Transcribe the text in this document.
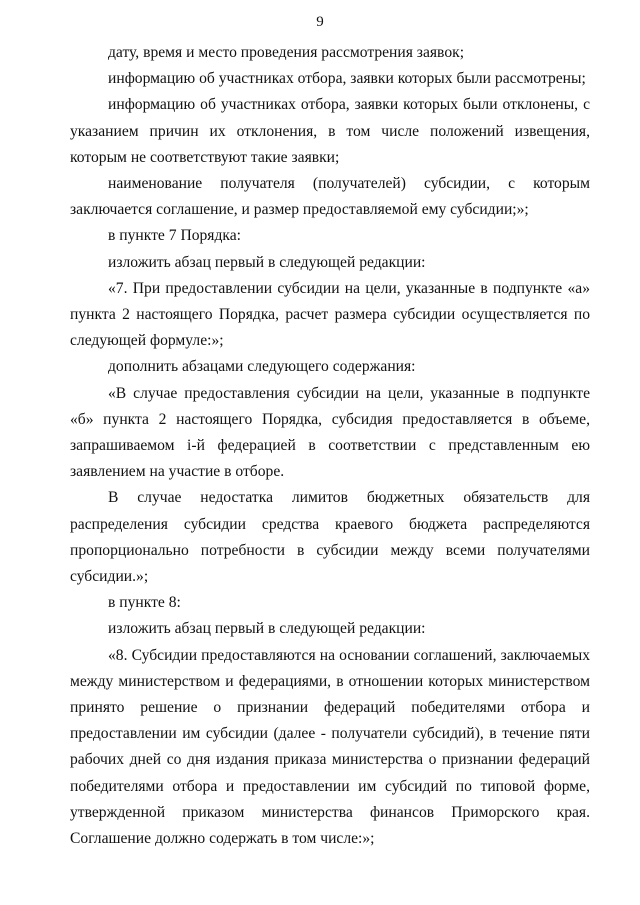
9

дату, время и место проведения рассмотрения заявок;

информацию об участниках отбора, заявки которых были рассмотрены;

информацию об участниках отбора, заявки которых были отклонены, с указанием причин их отклонения, в том числе положений извещения, которым не соответствуют такие заявки;

наименование получателя (получателей) субсидии, с которым заключается соглашение, и размер предоставляемой ему субсидии;»;

в пункте 7 Порядка:

изложить абзац первый в следующей редакции:

«7. При предоставлении субсидии на цели, указанные в подпункте «а» пункта 2 настоящего Порядка, расчет размера субсидии осуществляется по следующей формуле:»;

дополнить абзацами следующего содержания:

«В случае предоставления субсидии на цели, указанные в подпункте «б» пункта 2 настоящего Порядка, субсидия предоставляется в объеме, запрашиваемом i-й федерацией в соответствии с представленным ею заявлением на участие в отборе.

В случае недостатка лимитов бюджетных обязательств для распределения субсидии средства краевого бюджета распределяются пропорционально потребности в субсидии между всеми получателями субсидии.»;

в пункте 8:

изложить абзац первый в следующей редакции:

«8. Субсидии предоставляются на основании соглашений, заключаемых между министерством и федерациями, в отношении которых министерством принято решение о признании федераций победителями отбора и предоставлении им субсидии (далее - получатели субсидий), в течение пяти рабочих дней со дня издания приказа министерства о признании федераций победителями отбора и предоставлении им субсидий по типовой форме, утвержденной приказом министерства финансов Приморского края. Соглашение должно содержать в том числе:»;
